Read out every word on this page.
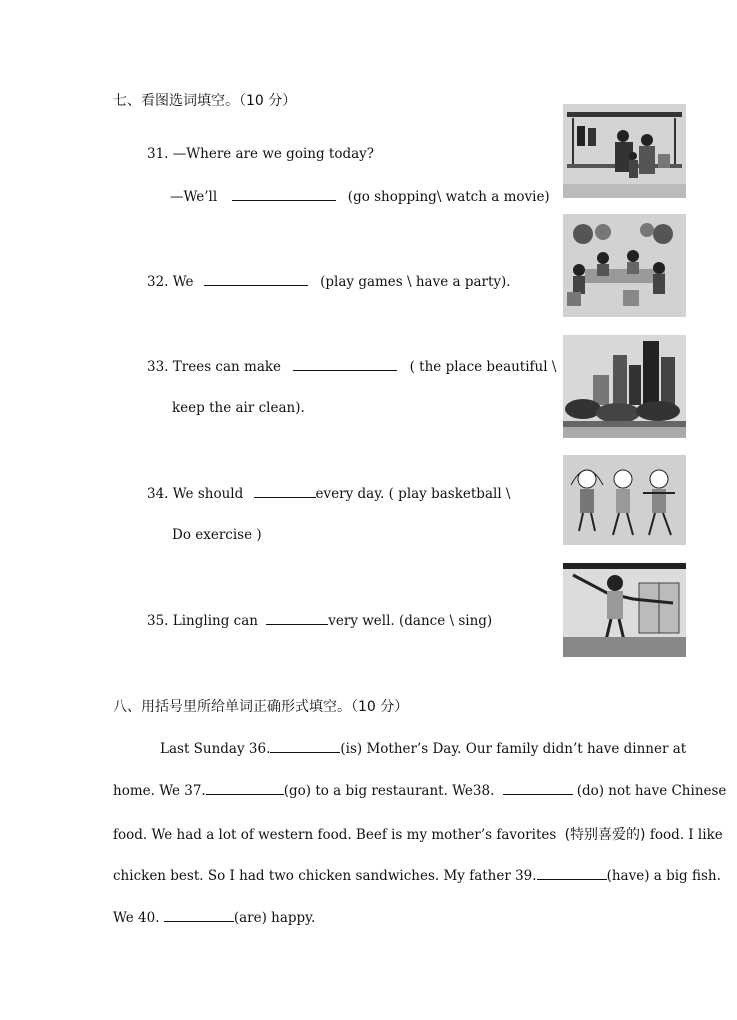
七、看图选词填空。（10 分）
31. —Where are we going today?
—We’ll	(go shopping\ watch a movie)
32. We	(play games \ have a party).
33. Trees can make	( the place beautiful \
keep the air clean).
34. We should	every day. ( play basketball \
Do exercise )
35. Lingling can	very well. (dance \ sing)
八、用括号里所给单词正确形式填空。（10 分）
Last Sunday 36.	(is) Mother’s Day. Our family didn’t have dinner at
home. We 37.	(go) to a big restaurant. We38.	(do) not have Chinese
food. We had a lot of western food. Beef is my mother’s favorites (特别喜爱的) food. I like
chicken best. So I had two chicken sandwiches. My father 39.	(have) a big fish.
We 40.	(are) happy.
